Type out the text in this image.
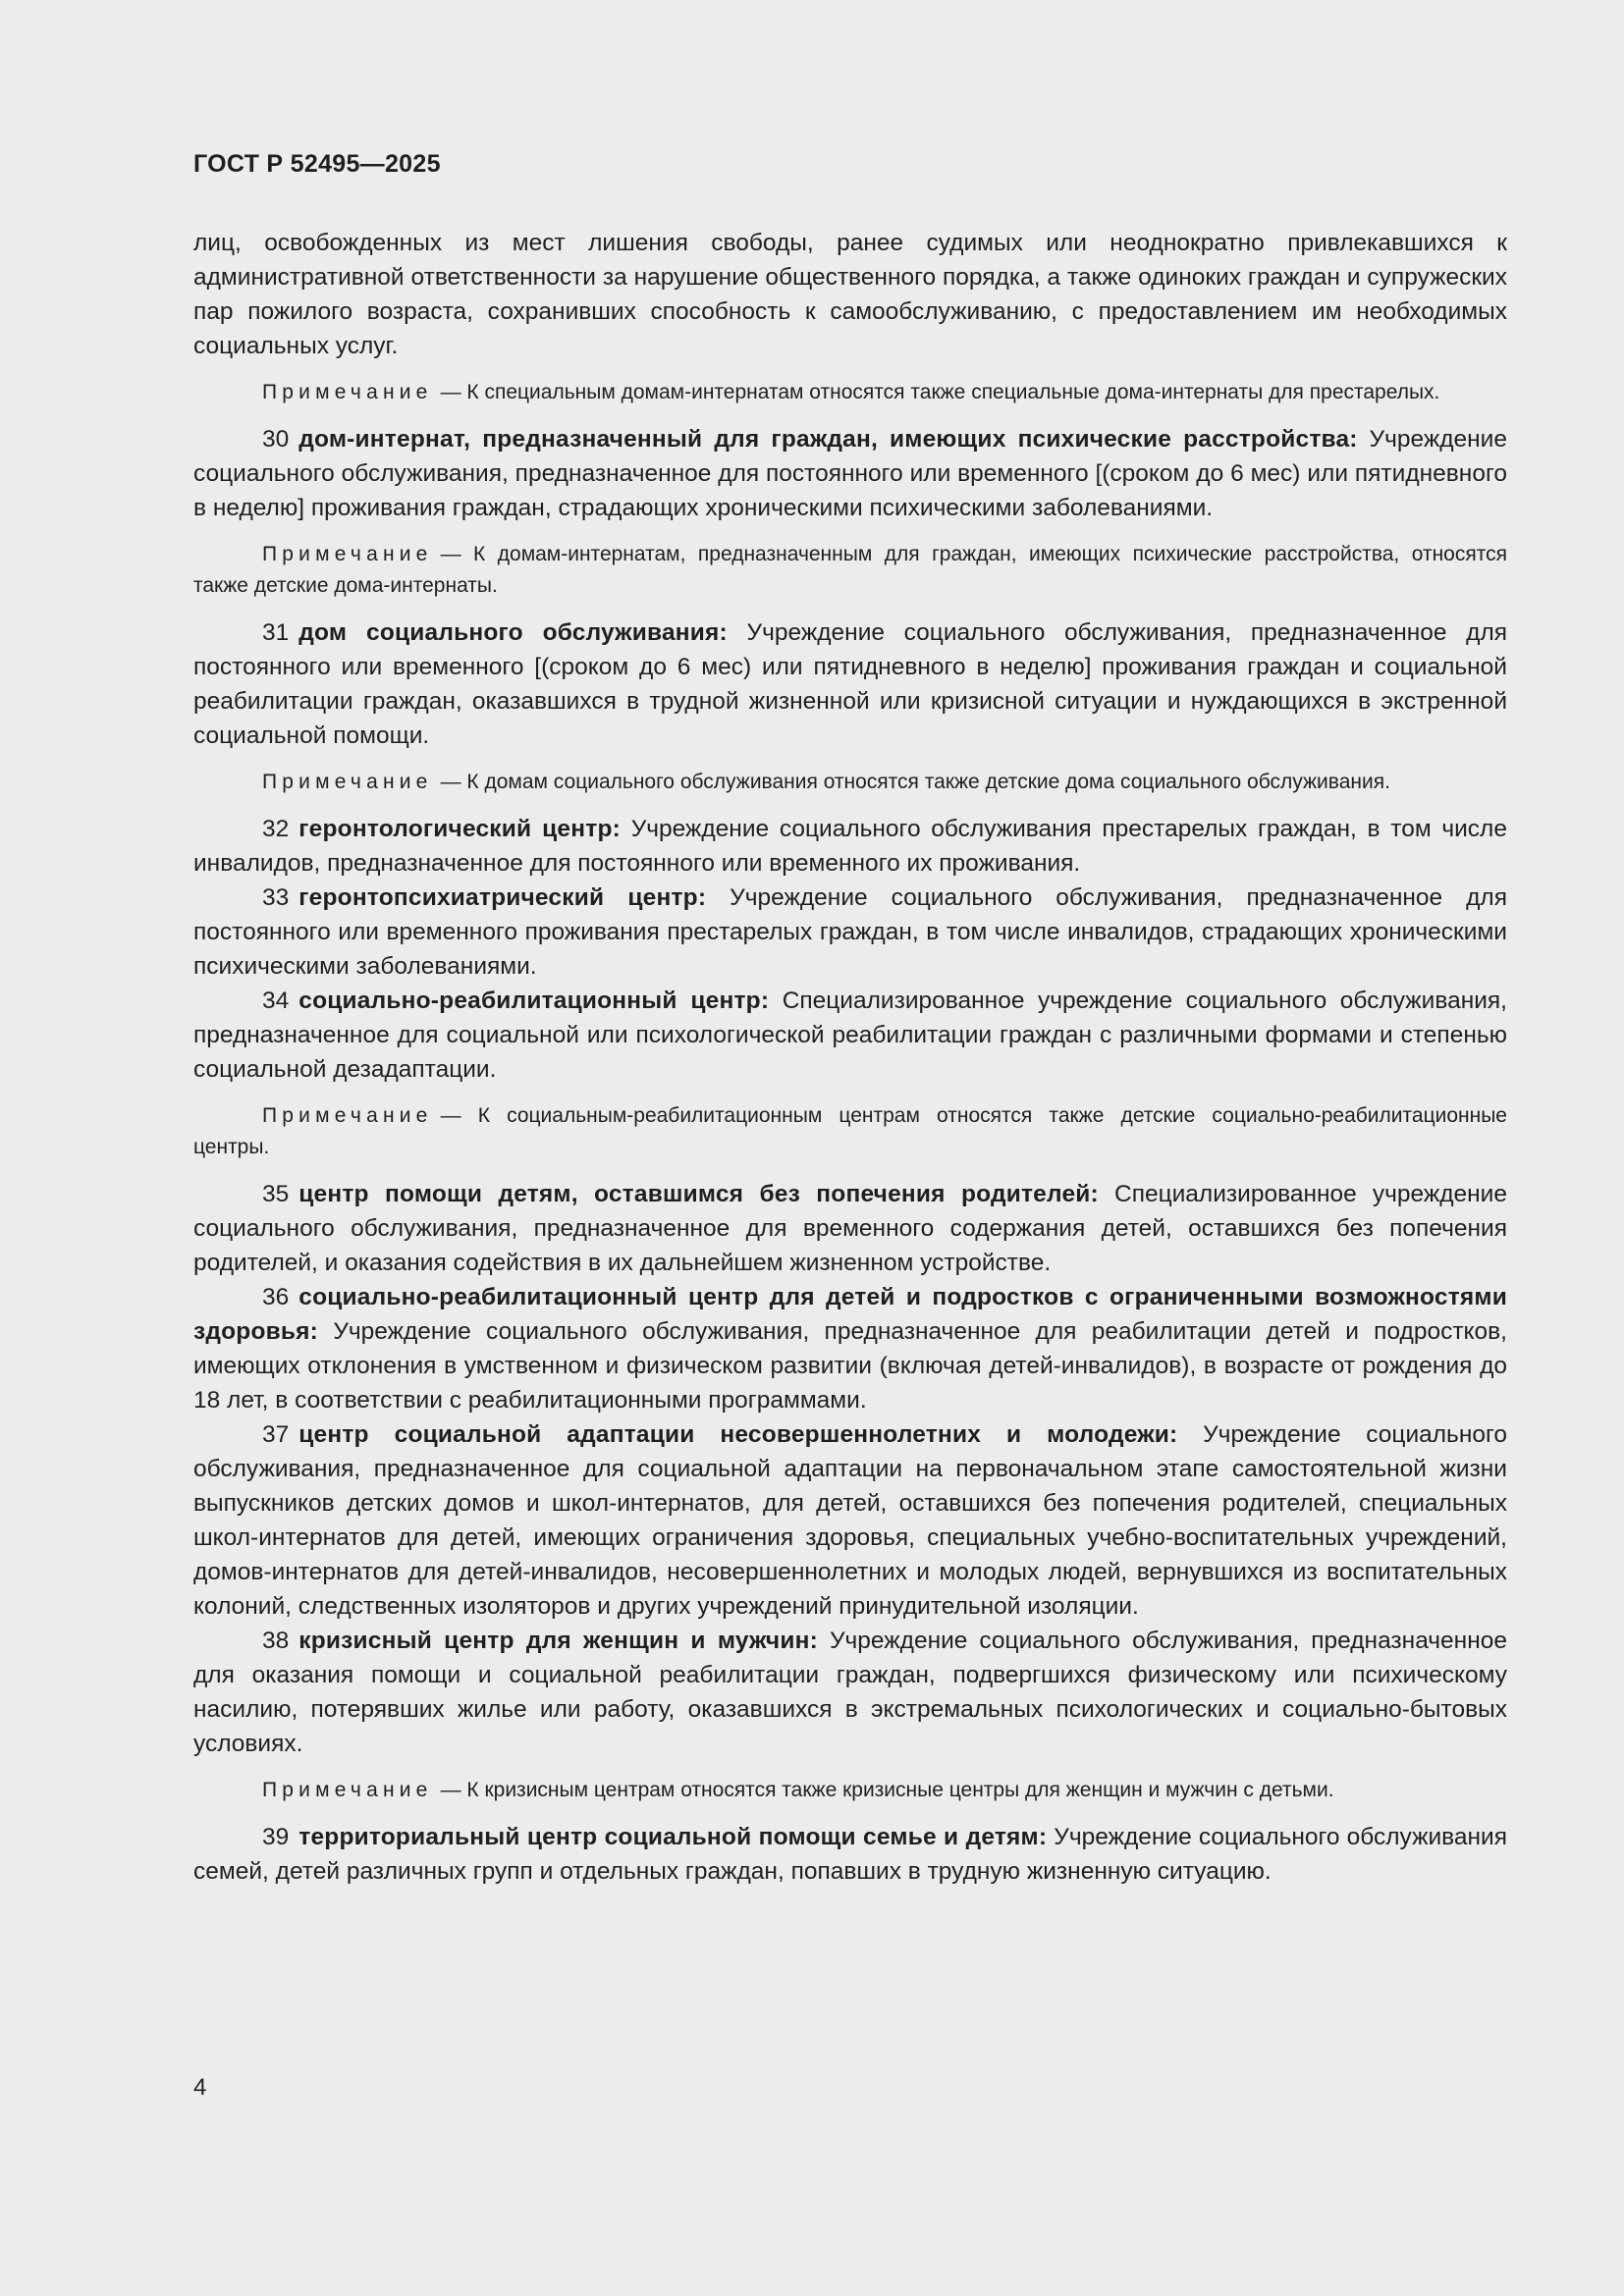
ГОСТ Р 52495—2025

лиц, освобожденных из мест лишения свободы, ранее судимых или неоднократно привлекавшихся к административной ответственности за нарушение общественного порядка, а также одиноких граждан и супружеских пар пожилого возраста, сохранивших способность к самообслуживанию, с предоставлением им необходимых социальных услуг.

Примечание — К специальным домам-интернатам относятся также специальные дома-интернаты для престарелых.

30 дом-интернат, предназначенный для граждан, имеющих психические расстройства: Учреждение социального обслуживания, предназначенное для постоянного или временного [(сроком до 6 мес) или пятидневного в неделю] проживания граждан, страдающих хроническими психическими заболеваниями.

Примечание — К домам-интернатам, предназначенным для граждан, имеющих психические расстройства, относятся также детские дома-интернаты.

31 дом социального обслуживания: Учреждение социального обслуживания, предназначенное для постоянного или временного [(сроком до 6 мес) или пятидневного в неделю] проживания граждан и социальной реабилитации граждан, оказавшихся в трудной жизненной или кризисной ситуации и нуждающихся в экстренной социальной помощи.

Примечание — К домам социального обслуживания относятся также детские дома социального обслуживания.

32 геронтологический центр: Учреждение социального обслуживания престарелых граждан, в том числе инвалидов, предназначенное для постоянного или временного их проживания.

33 геронтопсихиатрический центр: Учреждение социального обслуживания, предназначенное для постоянного или временного проживания престарелых граждан, в том числе инвалидов, страдающих хроническими психическими заболеваниями.

34 социально-реабилитационный центр: Специализированное учреждение социального обслуживания, предназначенное для социальной или психологической реабилитации граждан с различными формами и степенью социальной дезадаптации.

Примечание — К социальным-реабилитационным центрам относятся также детские социально-реабилитационные центры.

35 центр помощи детям, оставшимся без попечения родителей: Специализированное учреждение социального обслуживания, предназначенное для временного содержания детей, оставшихся без попечения родителей, и оказания содействия в их дальнейшем жизненном устройстве.

36 социально-реабилитационный центр для детей и подростков с ограниченными возможностями здоровья: Учреждение социального обслуживания, предназначенное для реабилитации детей и подростков, имеющих отклонения в умственном и физическом развитии (включая детей-инвалидов), в возрасте от рождения до 18 лет, в соответствии с реабилитационными программами.

37 центр социальной адаптации несовершеннолетних и молодежи: Учреждение социального обслуживания, предназначенное для социальной адаптации на первоначальном этапе самостоятельной жизни выпускников детских домов и школ-интернатов, для детей, оставшихся без попечения родителей, специальных школ-интернатов для детей, имеющих ограничения здоровья, специальных учебно-воспитательных учреждений, домов-интернатов для детей-инвалидов, несовершеннолетних и молодых людей, вернувшихся из воспитательных колоний, следственных изоляторов и других учреждений принудительной изоляции.

38 кризисный центр для женщин и мужчин: Учреждение социального обслуживания, предназначенное для оказания помощи и социальной реабилитации граждан, подвергшихся физическому или психическому насилию, потерявших жилье или работу, оказавшихся в экстремальных психологических и социально-бытовых условиях.

Примечание — К кризисным центрам относятся также кризисные центры для женщин и мужчин с детьми.

39 территориальный центр социальной помощи семье и детям: Учреждение социального обслуживания семей, детей различных групп и отдельных граждан, попавших в трудную жизненную ситуацию.

4
